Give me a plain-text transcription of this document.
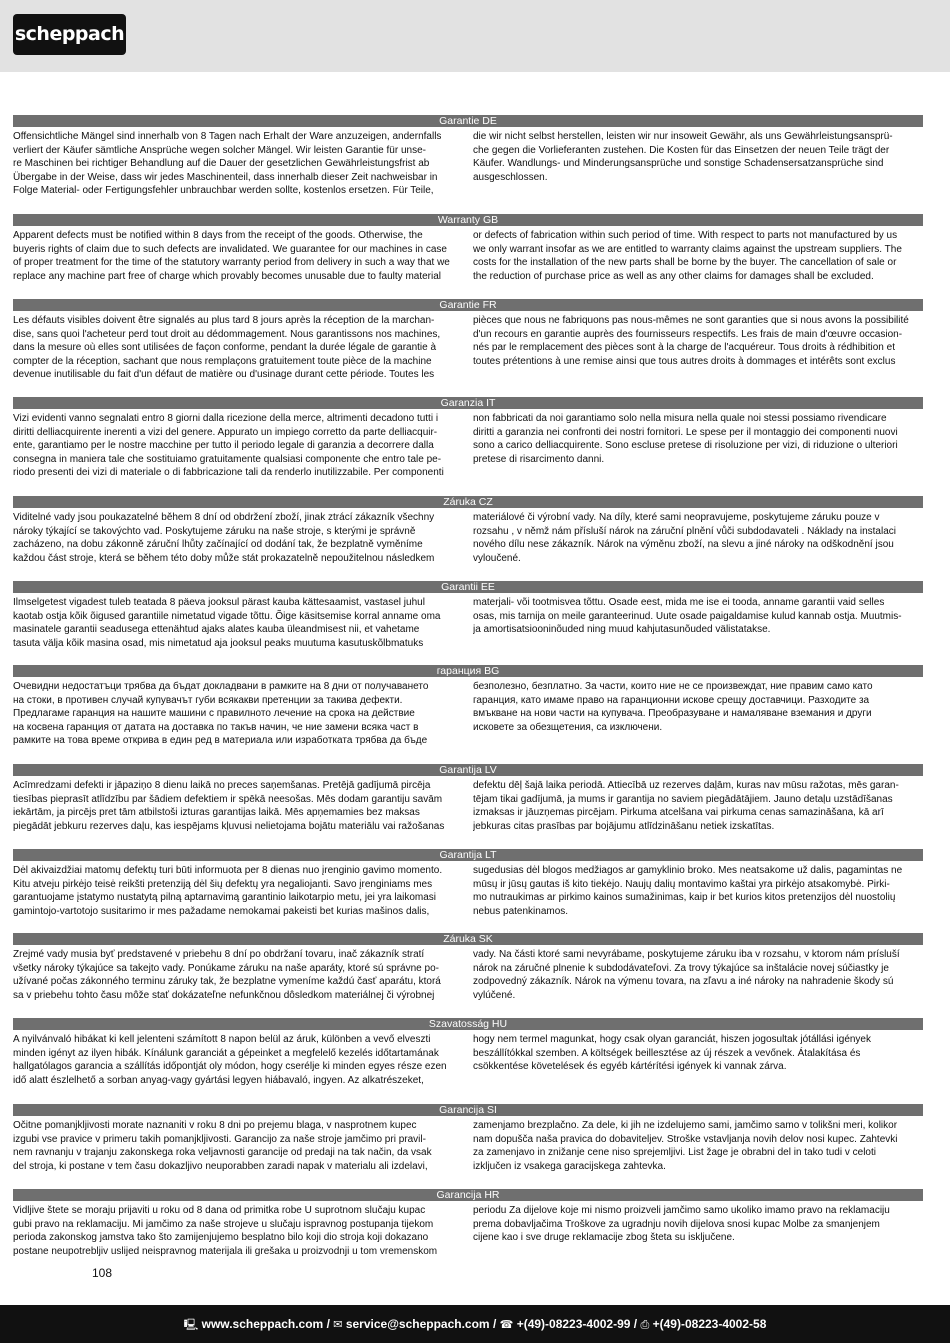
scheppach
Garantie DE
Offensichtliche Mängel sind innerhalb von 8 Tagen nach Erhalt der Ware anzuzeigen, andernfalls
verliert der Käufer sämtliche Ansprüche wegen solcher Mängel. Wir leisten Garantie für unse-
re Maschinen bei richtiger Behandlung auf die Dauer der gesetzlichen Gewährleistungsfrist ab
Übergabe in der Weise, dass wir jedes Maschinenteil, dass innerhalb dieser Zeit nachweisbar in
Folge Material- oder Fertigungsfehler unbrauchbar werden sollte, kostenlos ersetzen. Für Teile,
die wir nicht selbst herstellen, leisten wir nur insoweit Gewähr, als uns Gewährleistungsansprü-
che gegen die Vorlieferanten zustehen. Die Kosten für das Einsetzen der neuen Teile trägt der
Käufer. Wandlungs- und Minderungsansprüche und sonstige Schadensersatzansprüche sind
ausgeschlossen.
Warranty GB
Apparent defects must be notified within 8 days from the receipt of the goods. Otherwise, the
buyeris rights of claim due to such defects are invalidated. We guarantee for our machines in case
of proper treatment for the time of the statutory warranty period from delivery in such a way that we
replace any machine part free of charge which provably becomes unusable due to faulty material
or defects of fabrication within such period of time. With respect to parts not manufactured by us
we only warrant insofar as we are entitled to warranty claims against the upstream suppliers. The
costs for the installation of the new parts shall be borne by the buyer. The cancellation of sale or
the reduction of purchase price as well as any other claims for damages shall be excluded.
Garantie FR
Les défauts visibles doivent être signalés au plus tard 8 jours après la réception de la marchan-
dise, sans quoi l'acheteur perd tout droit au dédommagement. Nous garantissons nos machines,
dans la mesure où elles sont utilisées de façon conforme, pendant la durée légale de garantie à
compter de la réception, sachant que nous remplaçons gratuitement toute pièce de la machine
devenue inutilisable du fait d'un défaut de matière ou d'usinage durant cette période. Toutes les
pièces que nous ne fabriquons pas nous-mêmes ne sont garanties que si nous avons la possibilité
d'un recours en garantie auprès des fournisseurs respectifs. Les frais de main d'œuvre occasion-
nés par le remplacement des pièces sont à la charge de l'acquéreur. Tous droits à rédhibition et
toutes prétentions à une remise ainsi que tous autres droits à dommages et intérêts sont exclus
Garanzia IT
Vizi evidenti vanno segnalati entro 8 giorni dalla ricezione della merce, altrimenti decadono tutti i
diritti delliacquirente inerenti a vizi del genere. Appurato un impiego corretto da parte delliacquir-
ente, garantiamo per le nostre macchine per tutto il periodo legale di garanzia a decorrere dalla
consegna in maniera tale che sostituiamo gratuitamente qualsiasi componente che entro tale pe-
riodo presenti dei vizi di materiale o di fabbricazione tali da renderlo inutilizzabile. Per componenti
non fabbricati da noi garantiamo solo nella misura nella quale noi stessi possiamo rivendicare
diritti a garanzia nei confronti dei nostri fornitori. Le spese per il montaggio dei componenti nuovi
sono a carico delliacquirente. Sono escluse pretese di risoluzione per vizi, di riduzione o ulteriori
pretese di risarcimento danni.
Záruka CZ
Viditelné vady jsou poukazatelné během 8 dní od obdržení zboží, jinak ztrácí zákazník všechny
nároky týkající se takovýchto vad. Poskytujeme záruku na naše stroje, s kterými je správně
zacházeno, na dobu zákonně záruční lhůty začínající od dodání tak, že bezplatně vyměníme
každou část stroje, která se během této doby může stát prokazatelně nepoužitelnou následkem
materiálové či výrobní vady. Na díly, které sami neopravujeme, poskytujeme záruku pouze v
rozsahu , v němž nám přísluší nárok na záruční plnění vůči subdodavateli . Náklady na instalaci
nového dílu nese zákazník. Nárok na výměnu zboží, na slevu a jiné nároky na odškodnění jsou
vyloučené.
Garantii EE
Ilmselgetest vigadest tuleb teatada 8 päeva jooksul pärast kauba kättesaamist, vastasel juhul
kaotab ostja kõik õigused garantiile nimetatud vigade tõttu. Õige käsitsemise korral anname oma
masinatele garantii seadusega ettenähtud ajaks alates kauba üleandmisest nii, et vahetame
tasuta välja kõik masina osad, mis nimetatud aja jooksul peaks muutuma kasutuskõlbmatuks
materjali- või tootmisvea tõttu. Osade eest, mida me ise ei tooda, anname garantii vaid selles
osas, mis tarnija on meile garanteerinud. Uute osade paigaldamise kulud kannab ostja. Muutmis-
ja amortisatsiooninõuded ning muud kahjutasunõuded välistatakse.
гаранция BG
Очевидни недостатъци трябва да бъдат докладвани в рамките на 8 дни от получаването
на стоки, в противен случай купувачът губи всякакви претенции за такива дефекти.
Предлагаме гаранция на нашите машини с правилното лечение на срока на действие
на косвена гаранция от датата на доставка по такъв начин, че ние замени всяка част в
рамките на това време открива в един ред в материала или изработката трябва да бъде
безполезно, безплатно. За части, които ние не се произвеждат, ние правим само като
гаранция, като имаме право на гаранционни искове срещу доставчици. Разходите за
вмъкване на нови части на купувача. Преобразуване и намаляване вземания и други
исковете за обезщетения, са изключени.
Garantija LV
Acīmredzami defekti ir jāpaziņo 8 dienu laikā no preces saņemšanas. Pretējā gadījumā pircēja
tiesības pieprasīt atlīdzību par šādiem defektiem ir spēkā neesošas. Mēs dodam garantiju savām
iekārtām, ja pircējs pret tām atbilstoši izturas garantijas laikā. Mēs apņemamies bez maksas
piegādāt jebkuru rezerves daļu, kas iespējams kļuvusi nelietojama bojātu materiālu vai ražošanas
defektu dēļ šajā laika periodā. Attiecībā uz rezerves daļām, kuras nav mūsu ražotas, mēs garan-
tējam tikai gadījumā, ja mums ir garantija no saviem piegādātājiem. Jauno detaļu uzstādīšanas
izmaksas ir jāuzņemas pircējam. Pirkuma atcelšana vai pirkuma cenas samazināšana, kā arī
jebkuras citas prasības par bojājumu atlīdzināšanu netiek izskatītas.
Garantija LT
Dėl akivaizdžiai matomų defektų turi būti informuota per 8 dienas nuo įrenginio gavimo momento.
Kitu atveju pirkėjo teisė reikšti pretenziją dėl šių defektų yra negaliojanti. Savo įrenginiams mes
garantuojame įstatymo nustatytą pilną aptarnavimą garantinio laikotarpio metu, jei yra laikomasi
gamintojo-vartotojo susitarimo ir mes pažadame nemokamai pakeisti bet kurias mašinos dalis,
sugedusias dėl blogos medžiagos ar gamyklinio broko. Mes neatsakome už dalis, pagamintas ne
mūsų ir jūsų gautas iš kito tiekėjo. Naujų dalių montavimo kaštai yra pirkėjo atsakomybė. Pirki-
mo nutraukimas ar pirkimo kainos sumažinimas, kaip ir bet kurios kitos pretenzijos dėl nuostolių
nebus patenkinamos.
Záruka SK
Zrejmé vady musia byť predstavené v priebehu 8 dní po obdržaní tovaru, inač zákazník stratí
všetky nároky týkajúce sa takejto vady. Ponúkame záruku na naše aparáty, ktoré sú správne po-
užívané počas zákonného terminu záruky tak, že bezplatne vymeníme každú časť aparátu, ktorá
sa v priebehu tohto času môže stať dokázateľne nefunkčnou dôsledkom materiálnej či výrobnej
vady. Na části ktoré sami nevyrábame, poskytujeme záruku iba v rozsahu, v ktorom nám prísluší
nárok na záručné plnenie k subdodávateľovi. Za trovy týkajúce sa inštalácie novej súčiastky je
zodpovedný zákazník. Nárok na výmenu tovara, na zľavu a iné nároky na nahradenie škody sú
vylúčené.
Szavatosság HU
A nyilvánvaló hibákat ki kell jelenteni számított 8 napon belül az áruk, különben a vevő elveszti
minden igényt az ilyen hibák. Kínálunk garanciát a gépeinket a megfelelő kezelés időtartamának
hallgatólagos garancia a szállítás időpontját oly módon, hogy cserélje ki minden egyes része ezen
idő alatt észlelhető a sorban anyag-vagy gyártási legyen hiábavaló, ingyen. Az alkatrészeket,
hogy nem termel magunkat, hogy csak olyan garanciát, hiszen jogosultak jótállási igények
beszállítókkal szemben. A költségek beillesztése az új részek a vevőnek. Átalakítása és
csökkentése követelések és egyéb kártérítési igények ki vannak zárva.
Garancija SI
Očitne pomanjkljivosti morate naznaniti v roku 8 dni po prejemu blaga, v nasprotnem kupec
izgubi vse pravice v primeru takih pomanjkljivosti. Garancijo za naše stroje jamčimo pri pravil-
nem ravnanju v trajanju zakonskega roka veljavnosti garancije od predaji na tak način, da vsak
del stroja, ki postane v tem času dokazljivo neuporabben zaradi napak v materialu ali izdelavi,
zamenjamo brezplačno. Za dele, ki jih ne izdelujemo sami, jamčimo samo v tolikšni meri, kolikor
nam dopušča naša pravica do dobaviteljev. Stroške vstavljanja novih delov nosi kupec. Zahtevki
za zamenjavo in znižanje cene niso sprejemljivi. List žage je obrabni del in tako tudi v celoti
izključen iz vsakega garacijskega zahtevka.
Garancija HR
Vidljive štete se moraju prijaviti u roku od 8 dana od primitka robe U suprotnom slučaju kupac
gubi pravo na reklamaciju. Mi jamčimo za naše strojeve u slučaju ispravnog postupanja tijekom
perioda zakonskog jamstva tako što zamijenjujemo besplatno bilo koji dio stroja koji dokazano
postane neupotrebljiv uslijed neispravnog materijala ili grešaka u proizvodnji u tom vremenskom
periodu Za dijelove koje mi nismo proizveli jamčimo samo ukoliko imamo pravo na reklamaciju
prema dobavljačima Troškove za ugradnju novih dijelova snosi kupac Molbe za smanjenjem
cijene kao i sve druge reklamacije zbog šteta su isključene.
108
🖳 www.scheppach.com / ✉ service@scheppach.com / ☎ +(49)-08223-4002-99 / ⎙ +(49)-08223-4002-58
